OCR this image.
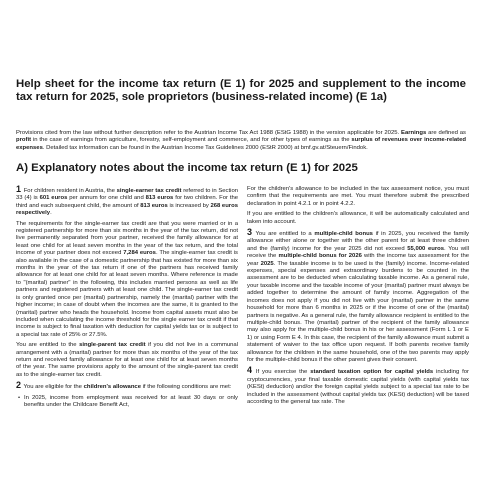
Help sheet for the income tax return (E 1) for 2025 and supplement to the income tax return for 2025, sole proprietors (business-related income) (E 1a)

Provisions cited from the law without further description refer to the Austrian Income Tax Act 1988 (EStG 1988) in the version applicable for 2025. Earnings are defined as profit in the case of earnings from agriculture, forestry, self-employment and commerce, and for other types of earnings as the surplus of revenues over income-related expenses. Detailed tax information can be found in the Austrian Income Tax Guidelines 2000 (EStR 2000) at bmf.gv.at/Steuern/Findok.

A) Explanatory notes about the income tax return (E 1) for 2025

1 For children resident in Austria, the single-earner tax credit referred to in Section 33 (4) is 601 euros per annum for one child and 813 euros for two children. For the third and each subsequent child, the amount of 813 euros is increased by 268 euros respectively.

The requirements for the single-earner tax credit are that you were married or in a registered partnership for more than six months in the year of the tax return, did not live permanently separated from your partner, received the family allowance for at least one child for at least seven months in the year of the tax return, and the total income of your partner does not exceed 7,284 euros. The single-earner tax credit is also available in the case of a domestic partnership that has existed for more than six months in the year of the tax return if one of the partners has received family allowance for at least one child for at least seven months. Where reference is made to "(marital) partner" in the following, this includes married persons as well as life partners and registered partners with at least one child. The single-earner tax credit is only granted once per (marital) partnership, namely the (marital) partner with the higher income; in case of doubt when the incomes are the same, it is granted to the (marital) partner who heads the household. Income from capital assets must also be included when calculating the income threshold for the single earner tax credit if that income is subject to final taxation with deduction for capital yields tax or is subject to a special tax rate of 25% or 27.5%.

You are entitled to the single-parent tax credit if you did not live in a communal arrangement with a (marital) partner for more than six months of the year of the tax return and received family allowance for at least one child for at least seven months of the year. The same provisions apply to the amount of the single-parent tax credit as to the single-earner tax credit.

2 You are eligible for the children's allowance if the following conditions are met:

• In 2025, income from employment was received for at least 30 days or only benefits under the Childcare Benefit Act,

For the children's allowance to be included in the tax assessment notice, you must confirm that the requirements are met. You must therefore submit the prescribed declaration in point 4.2.1 or in point 4.2.2.

If you are entitled to the children's allowance, it will be automatically calculated and taken into account.

3 You are entitled to a multiple-child bonus if in 2025, you received the family allowance either alone or together with the other parent for at least three children and the (family) income for the year 2025 did not exceed 55,000 euros. You will receive the multiple-child bonus for 2026 with the income tax assessment for the year 2025. The taxable income is to be used is the (family) income. Income-related expenses, special expenses and extraordinary burdens to be counted in the assessment are to be deducted when calculating taxable income. As a general rule, your taxable income and the taxable income of your (marital) partner must always be added together to determine the amount of family income. Aggregation of the incomes does not apply if you did not live with your (marital) partner in the same household for more than 6 months in 2025 or if the income of one of the (marital) partners is negative. As a general rule, the family allowance recipient is entitled to the multiple-child bonus. The (marital) partner of the recipient of the family allowance may also apply for the multiple-child bonus in his or her assessment (Form L 1 or E 1) or using Form E 4. In this case, the recipient of the family allowance must submit a statement of waiver to the tax office upon request. If both parents receive family allowance for the children in the same household, one of the two parents may apply for the multiple-child bonus if the other parent gives their consent.

4 If you exercise the standard taxation option for capital yields including for cryptocurrencies, your final taxable domestic capital yields (with capital yields tax (KESt) deduction) and/or the foreign capital yields subject to a special tax rate to be included in the assessment (without capital yields tax (KESt) deduction) will be taxed according to the general tax rate. The
